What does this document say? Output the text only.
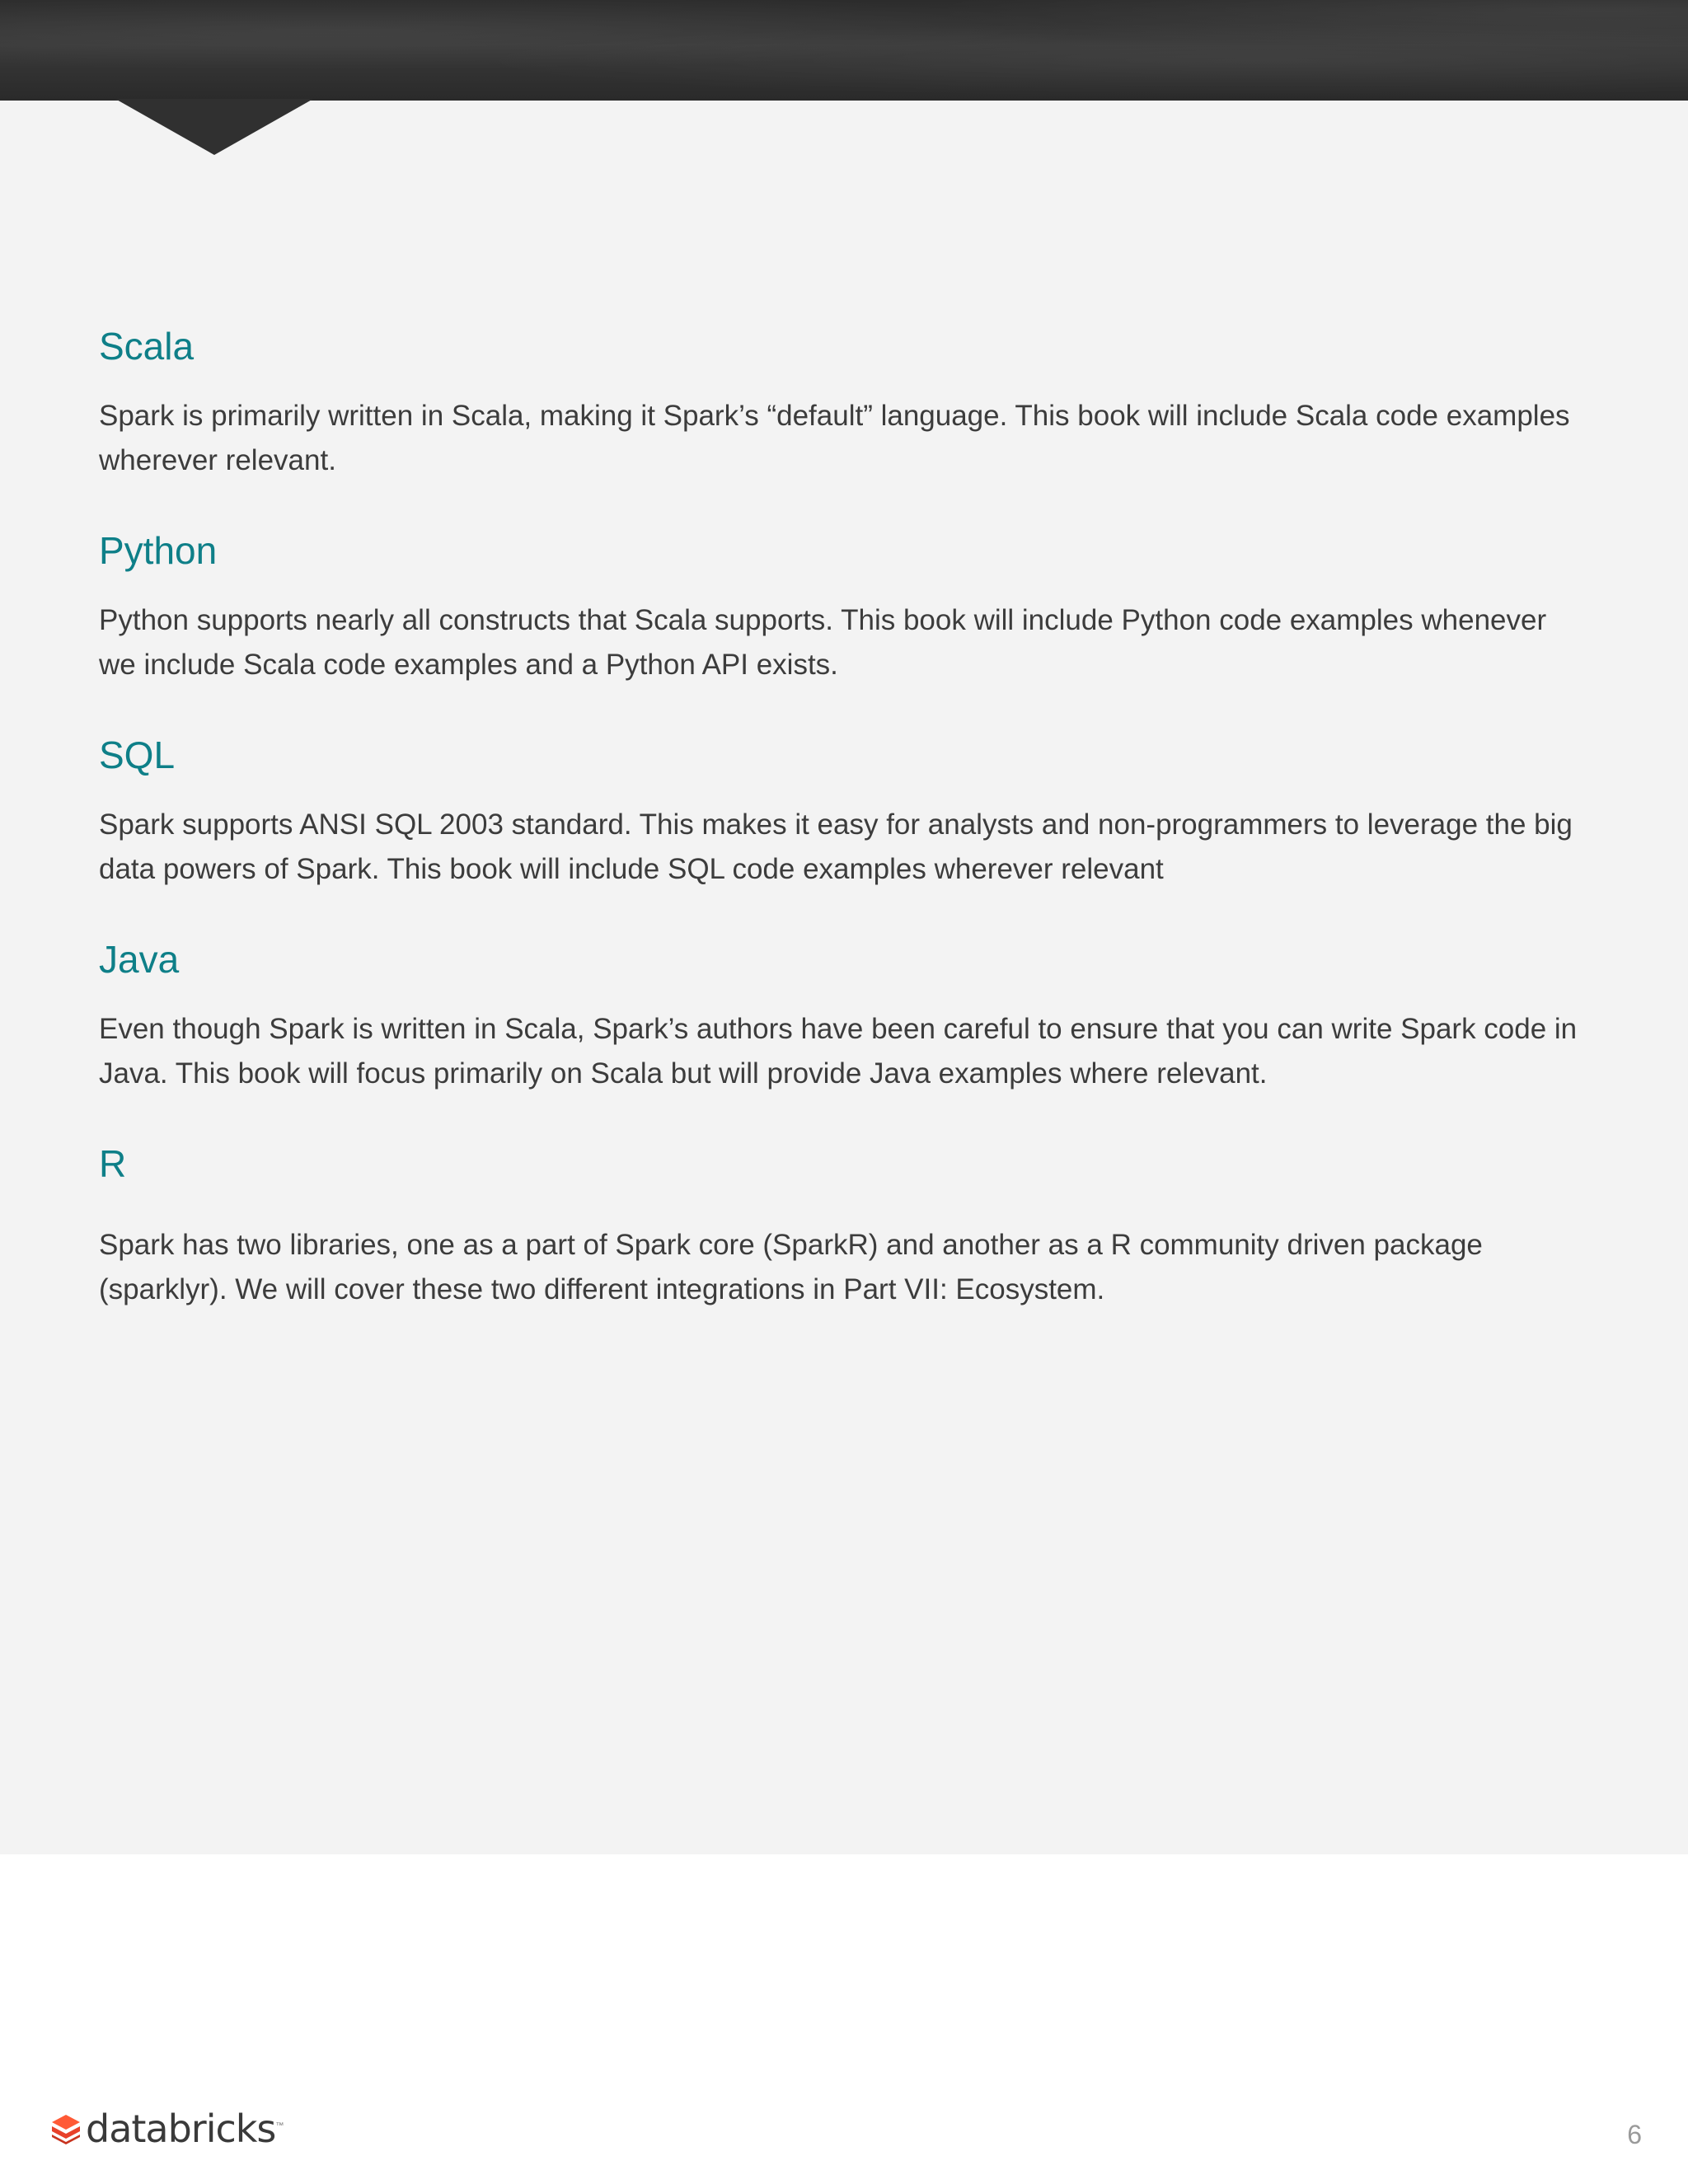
Scala

Spark is primarily written in Scala, making it Spark’s “default” language. This book will include Scala code examples wherever relevant.

Python

Python supports nearly all constructs that Scala supports. This book will include Python code examples whenever we include Scala code examples and a Python API exists.

SQL

Spark supports ANSI SQL 2003 standard. This makes it easy for analysts and non-programmers to leverage the big data powers of Spark. This book will include SQL code examples wherever relevant

Java

Even though Spark is written in Scala, Spark’s authors have been careful to ensure that you can write Spark code in Java. This book will focus primarily on Scala but will provide Java examples where relevant.

R

Spark has two libraries, one as a part of Spark core (SparkR) and another as a R community driven package (sparklyr). We will cover these two different integrations in Part VII: Ecosystem.

databricks ™	6
